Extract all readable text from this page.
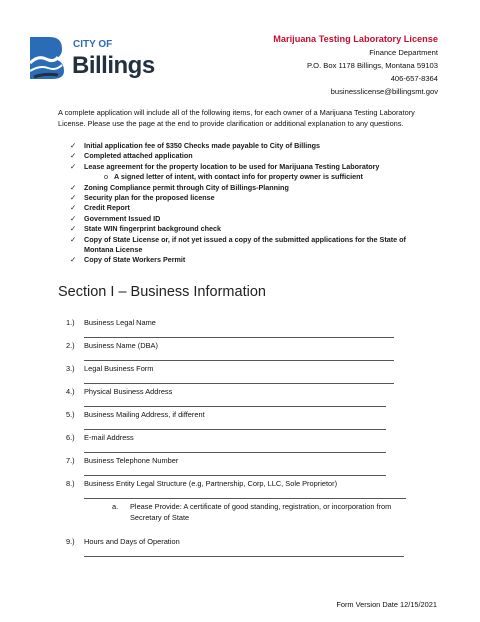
CITY OF
Billings
Marijuana Testing Laboratory License
Finance Department
P.O. Box 1178 Billings, Montana 59103
406-657-8364
businesslicense@billingsmt.gov
A complete application will include all of the following items, for each owner of a Marijuana Testing Laboratory License. Please use the page at the end to provide clarification or additional explanation to any questions.
✓ Initial application fee of $350 Checks made payable to City of Billings
✓ Completed attached application
✓ Lease agreement for the property location to be used for Marijuana Testing Laboratory
o A signed letter of intent, with contact info for property owner is sufficient
✓ Zoning Compliance permit through City of Billings-Planning
✓ Security plan for the proposed license
✓ Credit Report
✓ Government Issued ID
✓ State WIN fingerprint background check
✓ Copy of State License or, if not yet issued a copy of the submitted applications for the State of Montana License
✓ Copy of State Workers Permit
Section I – Business Information
1.) Business Legal Name
2.) Business Name (DBA)
3.) Legal Business Form
4.) Physical Business Address
5.) Business Mailing Address, if different
6.) E-mail Address
7.) Business Telephone Number
8.) Business Entity Legal Structure (e.g, Partnership, Corp, LLC, Sole Proprietor)
a. Please Provide: A certificate of good standing, registration, or incorporation from Secretary of State
9.) Hours and Days of Operation
Form Version Date 12/15/2021
